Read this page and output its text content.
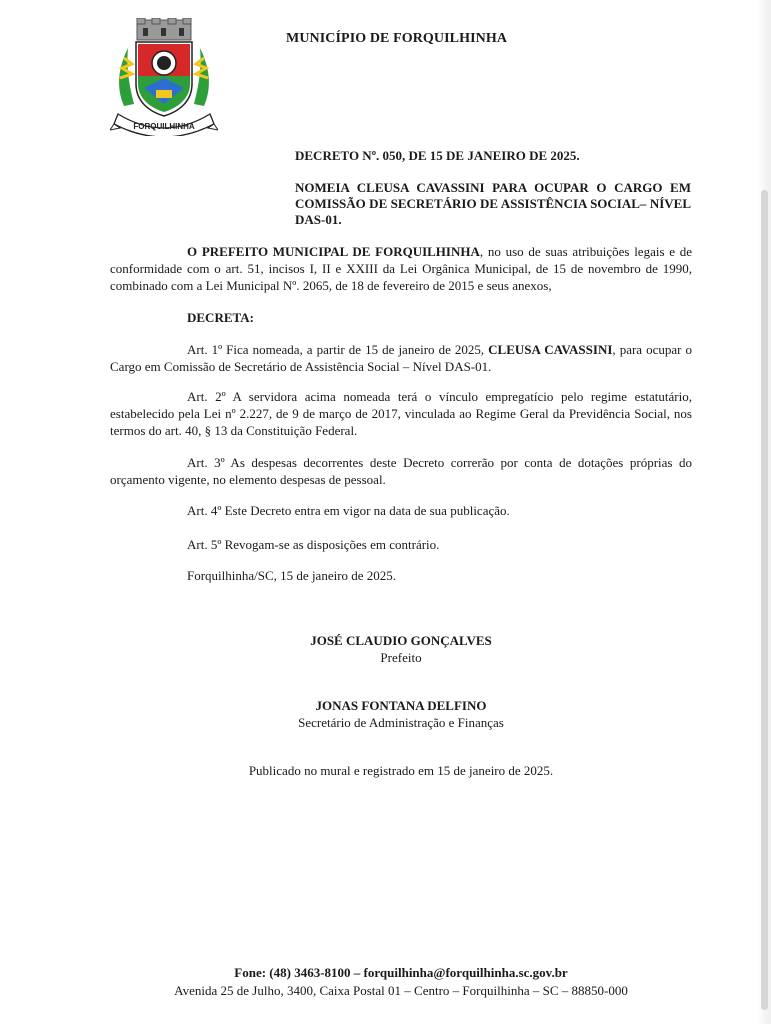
FORQUILHINHA
MUNICÍPIO DE FORQUILHINHA
DECRETO Nº. 050, DE 15 DE JANEIRO DE 2025.
NOMEIA CLEUSA CAVASSINI PARA OCUPAR O CARGO EM COMISSÃO DE SECRETÁRIO DE ASSISTÊNCIA SOCIAL– NÍVEL DAS-01.
O PREFEITO MUNICIPAL DE FORQUILHINHA, no uso de suas atribuições legais e de conformidade com o art. 51, incisos I, II e XXIII da Lei Orgânica Municipal, de 15 de novembro de 1990, combinado com a Lei Municipal Nº. 2065, de 18 de fevereiro de 2015 e seus anexos,
DECRETA:
Art. 1º Fica nomeada, a partir de 15 de janeiro de 2025, CLEUSA CAVASSINI, para ocupar o Cargo em Comissão de Secretário de Assistência Social – Nível DAS-01.
Art. 2º A servidora acima nomeada terá o vínculo empregatício pelo regime estatutário, estabelecido pela Lei nº 2.227, de 9 de março de 2017, vinculada ao Regime Geral da Previdência Social, nos termos do art. 40, § 13 da Constituição Federal.
Art. 3º As despesas decorrentes deste Decreto correrão por conta de dotações próprias do orçamento vigente, no elemento despesas de pessoal.
Art. 4º Este Decreto entra em vigor na data de sua publicação.
Art. 5º Revogam-se as disposições em contrário.
Forquilhinha/SC, 15 de janeiro de 2025.
JOSÉ CLAUDIO GONÇALVES
Prefeito
JONAS FONTANA DELFINO
Secretário de Administração e Finanças
Publicado no mural e registrado em 15 de janeiro de 2025.
Fone: (48) 3463-8100 – forquilhinha@forquilhinha.sc.gov.br
Avenida 25 de Julho, 3400, Caixa Postal 01 – Centro – Forquilhinha – SC – 88850-000
